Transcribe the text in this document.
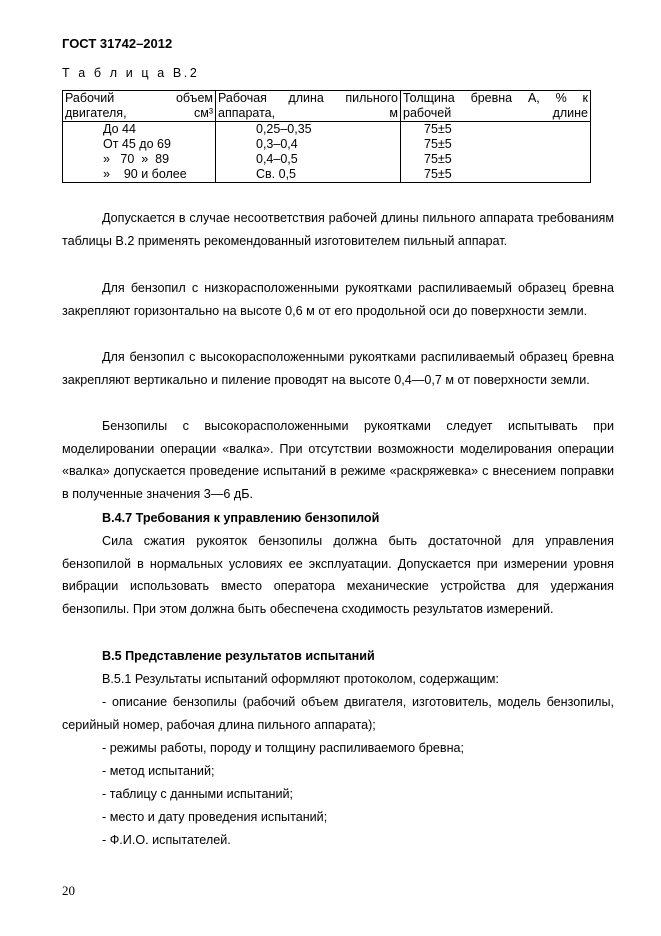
ГОСТ 31742–2012
Т а б л и ц а В.2
Рабочий объем двигателя, см³	Рабочая длина пильного аппарата, м	Толщина бревна А, % к рабочей длине
До 44	0,25–0,35	75±5
От 45 до 69	0,3–0,4	75±5
»   70  »  89	0,4–0,5	75±5
»    90 и более	Св. 0,5	75±5
Допускается в случае несоответствия рабочей длины пильного аппарата требованиям таблицы В.2 применять рекомендованный изготовителем пильный аппарат.
Для бензопил с низкорасположенными рукоятками распиливаемый образец бревна закрепляют горизонтально на высоте 0,6 м от его продольной оси до поверхности земли.
Для бензопил с высокорасположенными рукоятками распиливаемый образец бревна закрепляют вертикально и пиление проводят на высоте 0,4—0,7 м от поверхности земли.
Бензопилы с высокорасположенными рукоятками следует испытывать при моделировании операции «валка». При отсутствии возможности моделирования операции «валка» допускается проведение испытаний в режиме «раскряжевка» с внесением поправки в полученные значения 3—6 дБ.
В.4.7 Требования к управлению бензопилой
Сила сжатия рукояток бензопилы должна быть достаточной для управления бензопилой в нормальных условиях ее эксплуатации. Допускается при измерении уровня вибрации использовать вместо оператора механические устройства для удержания бензопилы. При этом должна быть обеспечена сходимость результатов измерений.
В.5 Представление результатов испытаний
В.5.1 Результаты испытаний оформляют протоколом, содержащим:
- описание бензопилы (рабочий объем двигателя, изготовитель, модель бензопилы, серийный номер, рабочая длина пильного аппарата);
- режимы работы, породу и толщину распиливаемого бревна;
- метод испытаний;
- таблицу с данными испытаний;
- место и дату проведения испытаний;
- Ф.И.О. испытателей.
20
